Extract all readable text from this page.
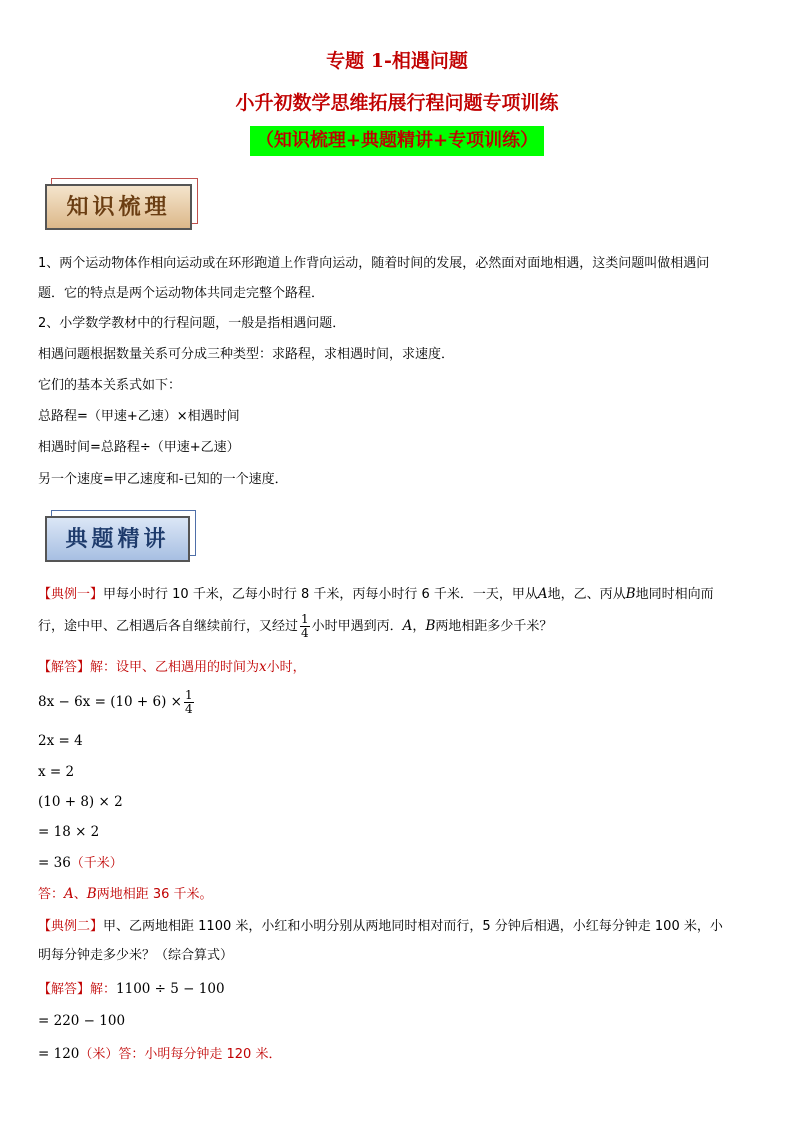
专题 1-相遇问题
小升初数学思维拓展行程问题专项训练
（知识梳理+典题精讲+专项训练）
知识梳理
1、两个运动物体作相向运动或在环形跑道上作背向运动，随着时间的发展，必然面对面地相遇，这类问题叫做相遇问
题．它的特点是两个运动物体共同走完整个路程．
2、小学数学教材中的行程问题，一般是指相遇问题．
相遇问题根据数量关系可分成三种类型：求路程，求相遇时间，求速度．
它们的基本关系式如下：
总路程=（甲速+乙速）×相遇时间
相遇时间=总路程÷（甲速+乙速）
另一个速度=甲乙速度和-已知的一个速度．
典题精讲
【典例一】甲每小时行 10 千米，乙每小时行 8 千米，丙每小时行 6 千米．一天，甲从A地，乙、丙从B地同时相向而
行，途中甲、乙相遇后各自继续前行，又经过 $\frac{1}{4}$ 小时甲遇到丙．A，B两地相距多少千米？
【解答】解：设甲、乙相遇用的时间为x小时，
$8x - 6x = (10 + 6) \times \frac{1}{4}$
2x = 4
x = 2
(10 + 8) × 2
= 18 × 2
= 36（千米）
答：A、B两地相距 36 千米。
【典例二】甲、乙两地相距 1100 米，小红和小明分别从两地同时相对而行，5 分钟后相遇，小红每分钟走 100 米，小
明每分钟走多少米？（综合算式）
【解答】解：1100 ÷ 5 − 100
= 220 − 100
= 120（米）答：小明每分钟走 120 米．
